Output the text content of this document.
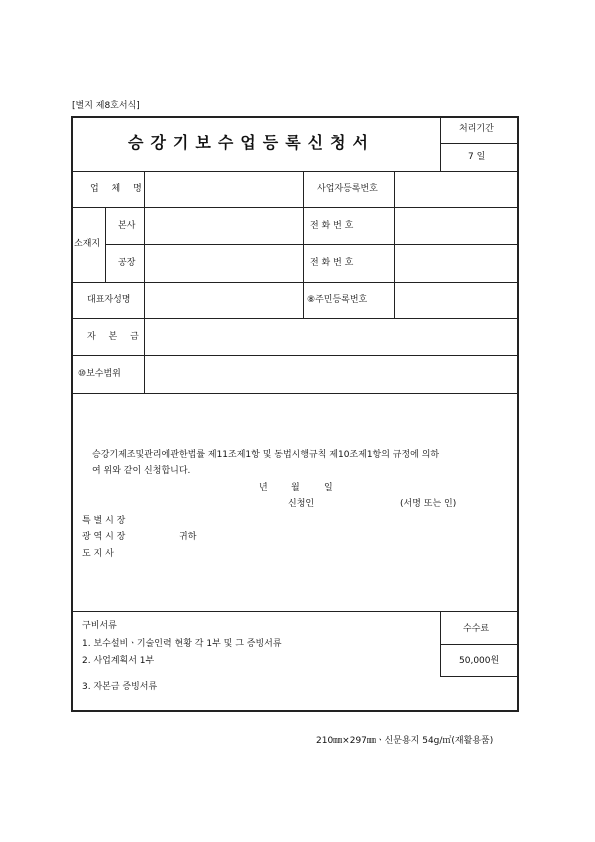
[별지 제8호서식]
승강기보수업등록신청서
처리기간
7 일
업 체 명	사업자등록번호
소재지
본사	전 화 번 호
공장	전 화 번 호
대표자성명	⑧주민등록번호
자 본 금
⑩보수범위
승강기제조및관리에관한법률 제11조제1항 및 동법시행규칙 제10조제1항의 규정에 의하
여 위와 같이 신청합니다.
년	월	일
신청인	(서명 또는 인)
특 별 시 장
광 역 시 장
도 지 사
귀하
구비서류
1. 보수설비ㆍ기술인력 현황 각 1부 및 그 증빙서류
2. 사업계획서 1부
3. 자본금 증빙서류
수수료
50,000원
210㎜×297㎜ㆍ신문용지 54g/㎡(재활용품)
